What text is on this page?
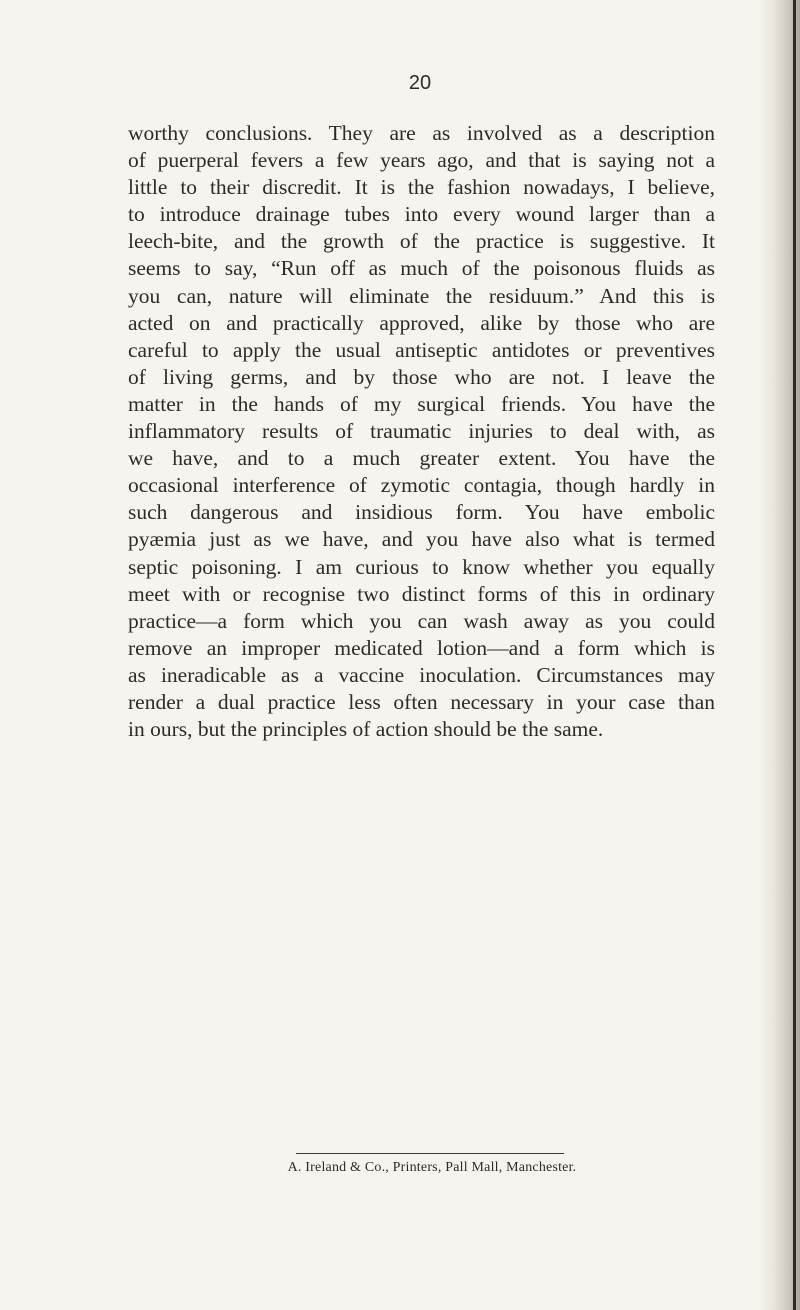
20

worthy conclusions. They are as involved as a description
of puerperal fevers a few years ago, and that is saying not a
little to their discredit. It is the fashion nowadays, I believe,
to introduce drainage tubes into every wound larger than a
leech-bite, and the growth of the practice is suggestive. It
seems to say, “Run off as much of the poisonous fluids as
you can, nature will eliminate the residuum.” And this is
acted on and practically approved, alike by those who are
careful to apply the usual antiseptic antidotes or preventives
of living germs, and by those who are not. I leave the
matter in the hands of my surgical friends. You have the
inflammatory results of traumatic injuries to deal with, as
we have, and to a much greater extent. You have the
occasional interference of zymotic contagia, though hardly in
such dangerous and insidious form. You have embolic
pyæmia just as we have, and you have also what is termed
septic poisoning. I am curious to know whether you equally
meet with or recognise two distinct forms of this in ordinary
practice—a form which you can wash away as you could
remove an improper medicated lotion—and a form which is
as ineradicable as a vaccine inoculation. Circumstances may
render a dual practice less often necessary in your case than
in ours, but the principles of action should be the same.

A. Ireland & Co., Printers, Pall Mall, Manchester.
